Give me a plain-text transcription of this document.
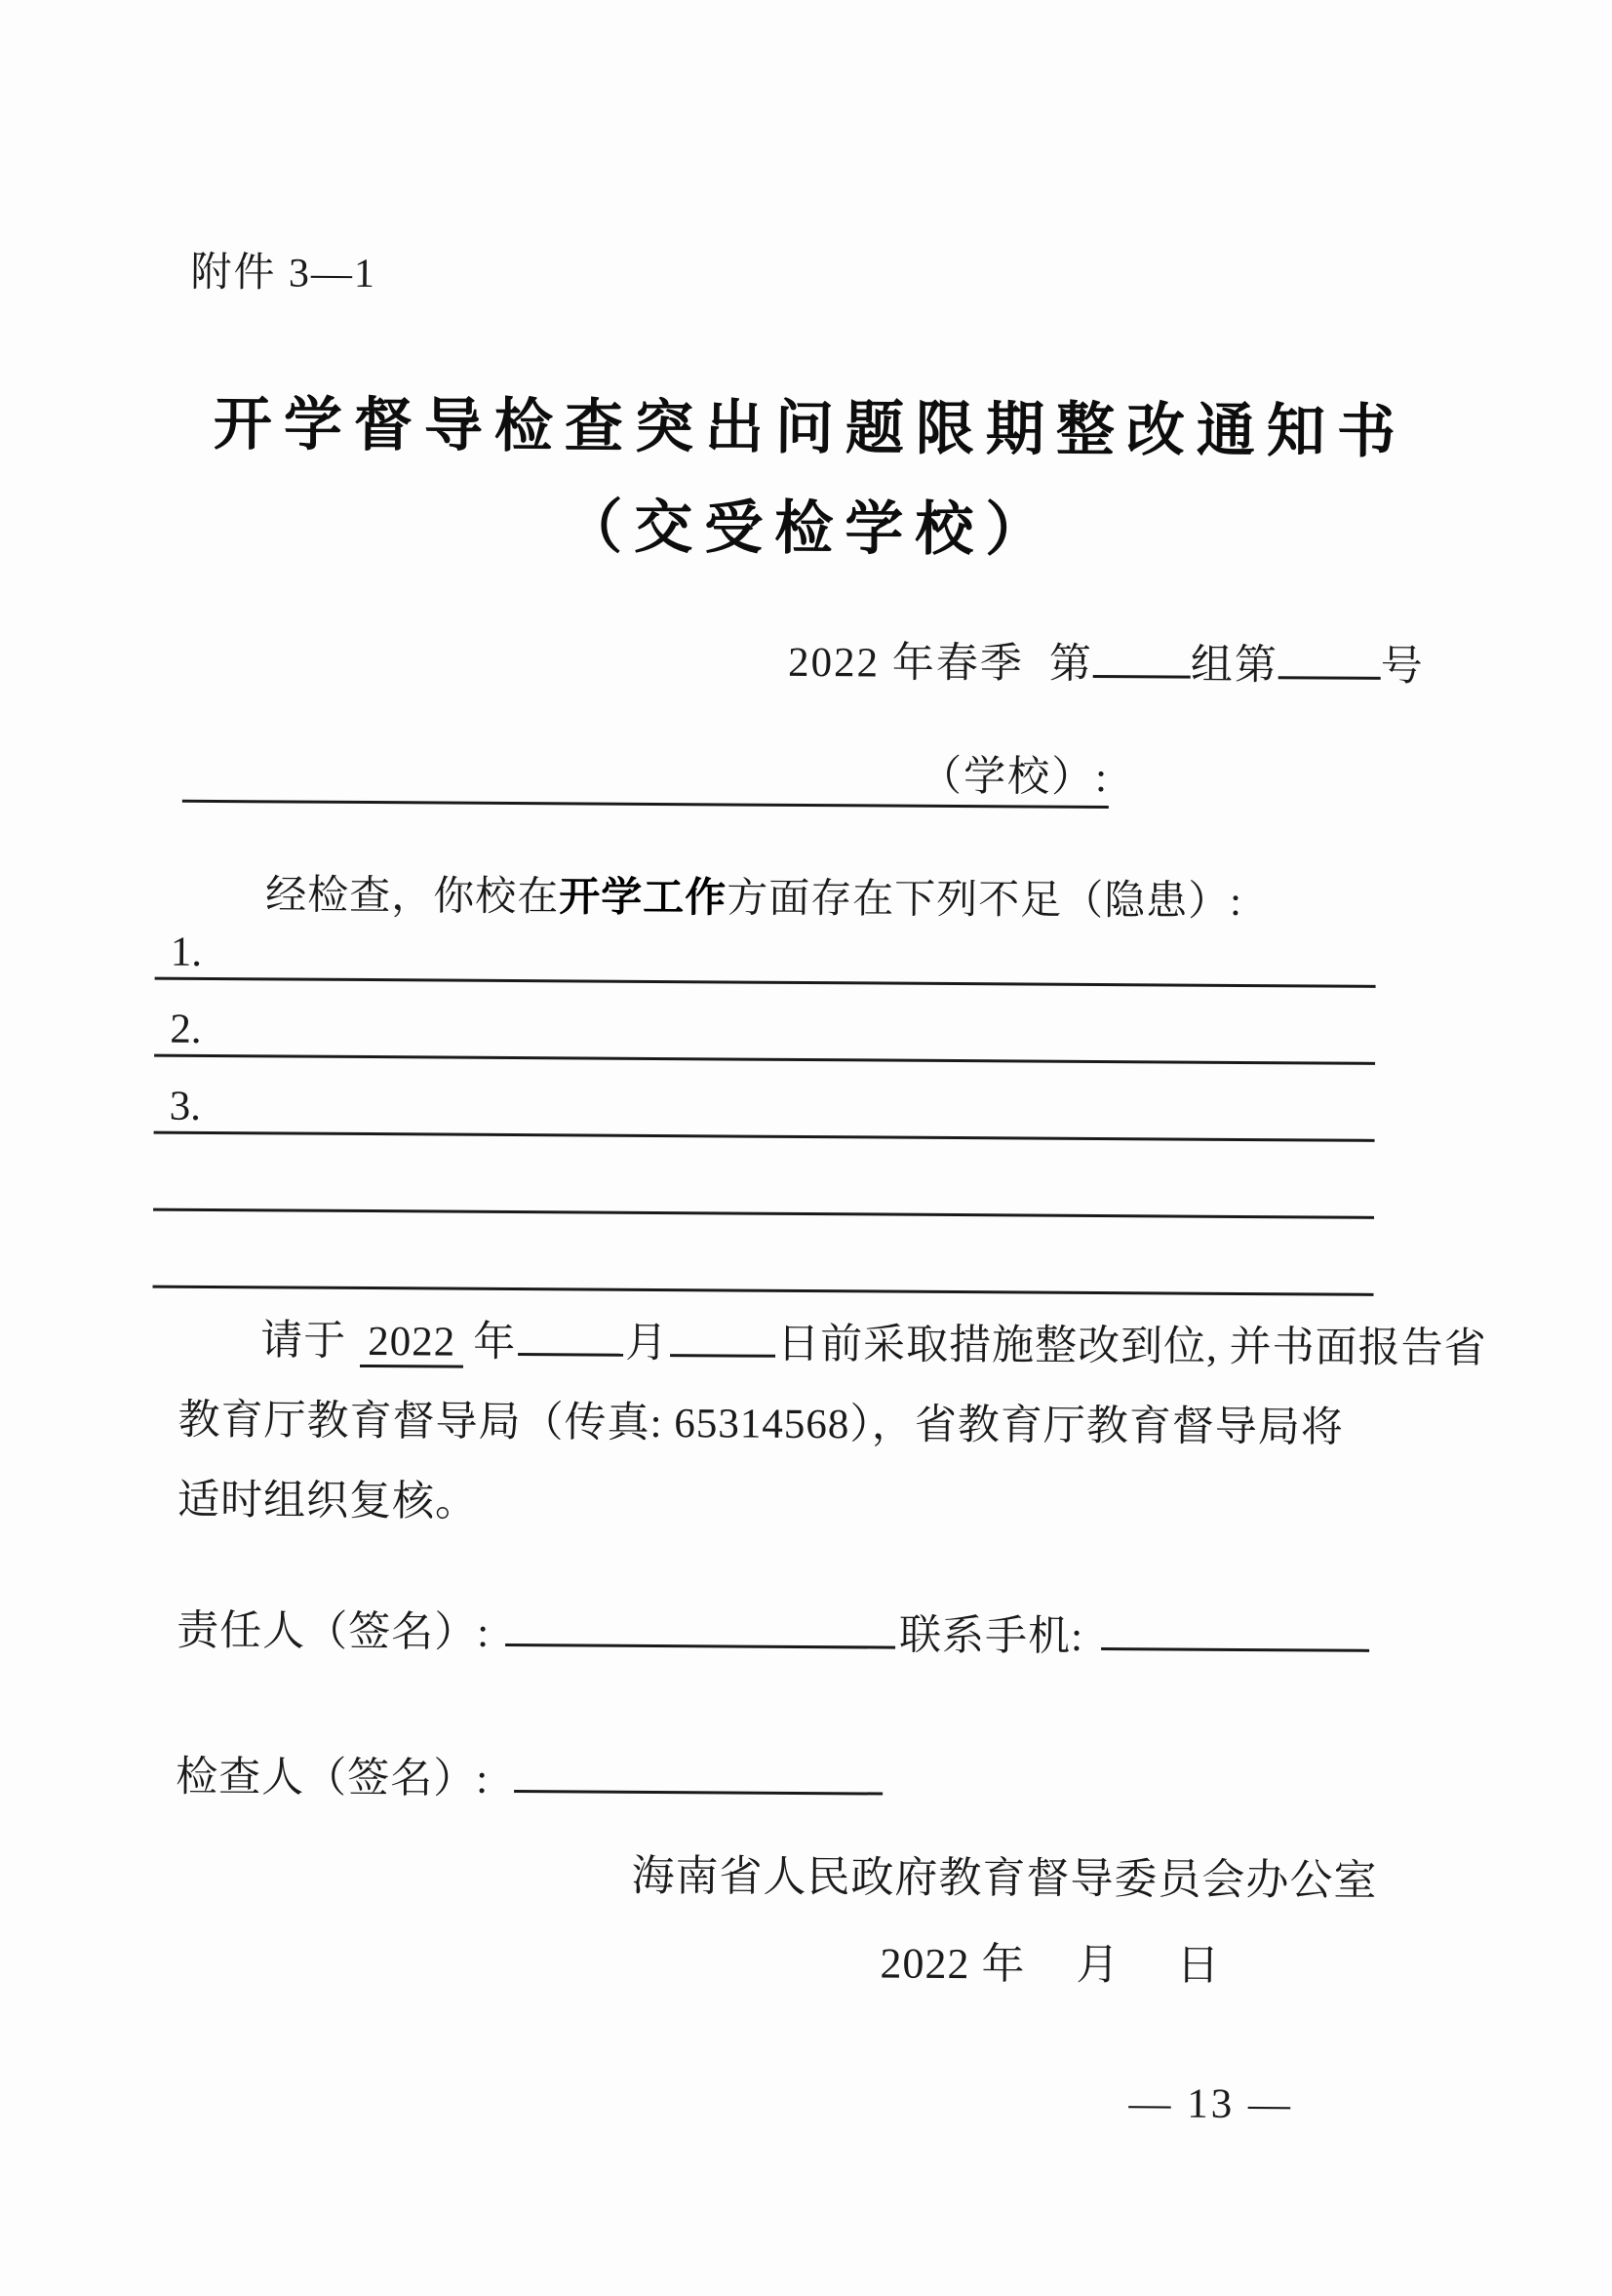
附件 3—1
开学督导检查突出问题限期整改通知书
（交受检学校）
2022 年春季 第 组第 号
（学校）:
经检查，你校在开学工作方面存在下列不足（隐患）:
1.
2.
3.
请于 2022 年	月	日前采取措施整改到位, 并书面报告省
教育厅教育督导局（传真: 65314568），省教育厅教育督导局将
适时组织复核。
责任人（签名）:	联系手机:
检查人（签名）:
海南省人民政府教育督导委员会办公室
2022 年 月 日
— 13 —
